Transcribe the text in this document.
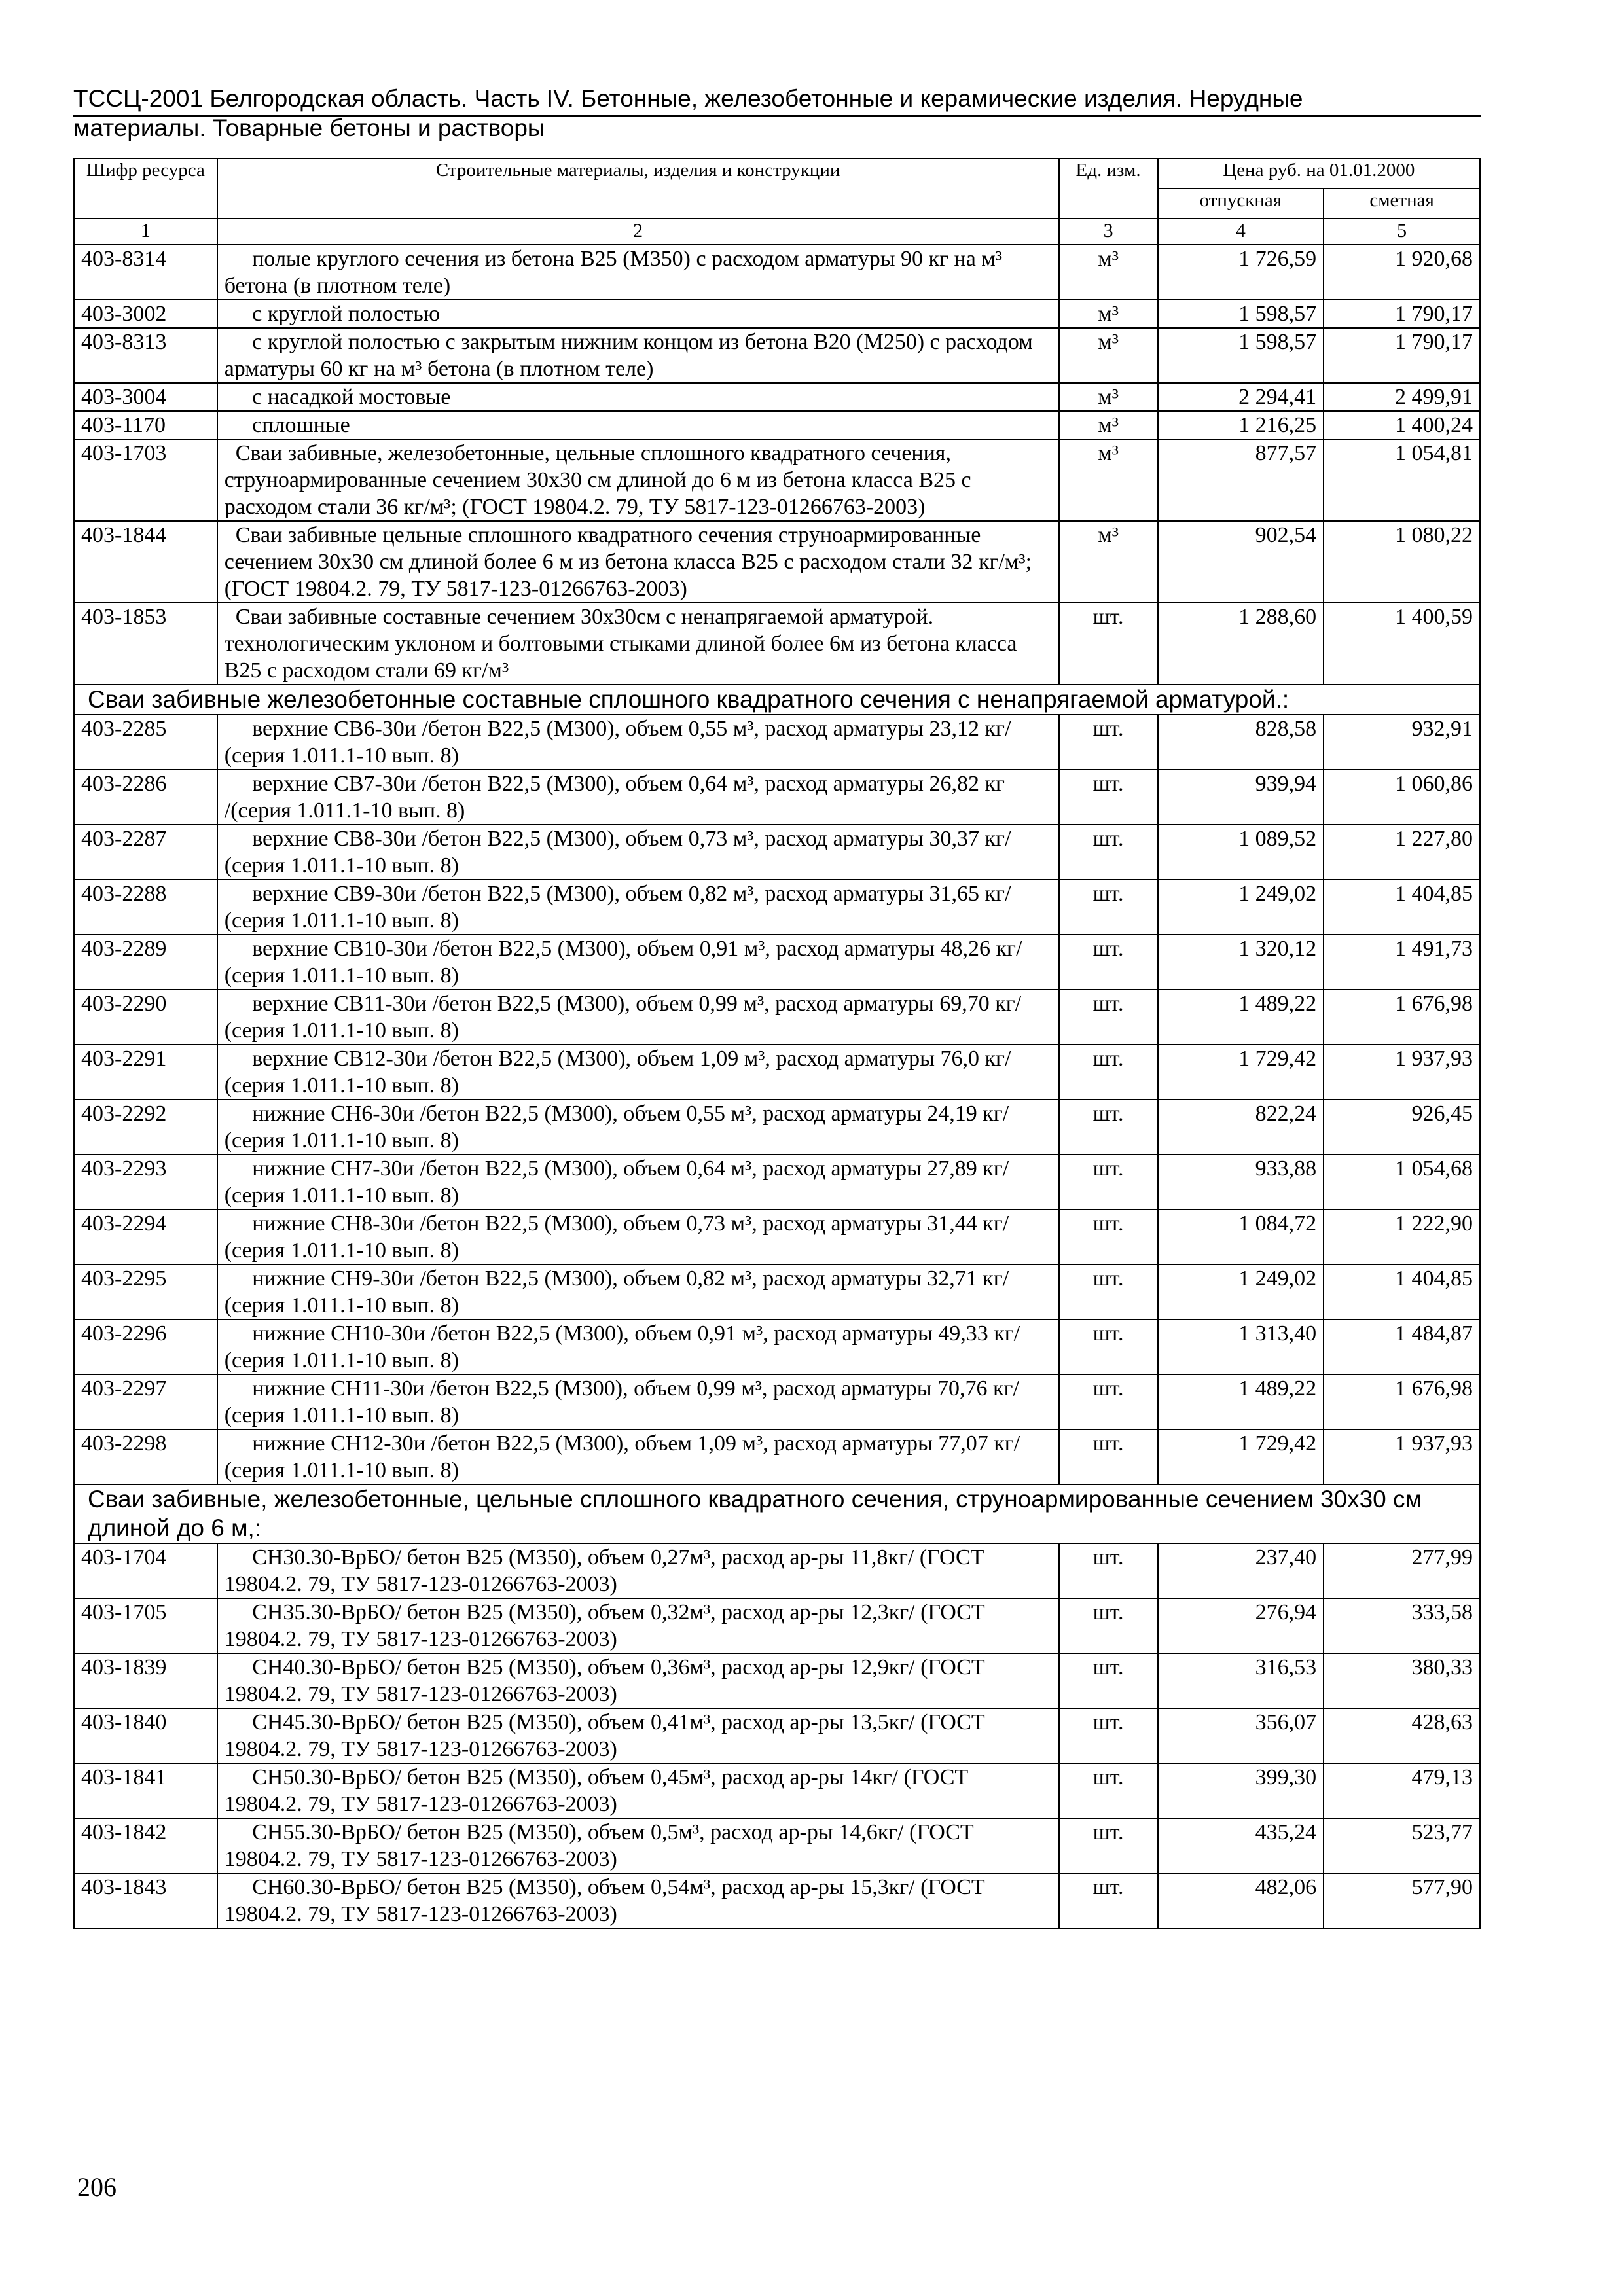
ТССЦ-2001 Белгородская область. Часть IV. Бетонные, железобетонные и керамические изделия. Нерудные
материалы. Товарные бетоны и растворы
Шифр ресурса	Строительные материалы, изделия и конструкции	Ед. изм.	Цена руб. на 01.01.2000	
			отпускная	сметная
1	2	3	4	5
403-8314	полые круглого сечения из бетона В25 (М350) с расходом арматуры 90 кг на м³ бетона (в плотном теле)	м³	1 726,59	1 920,68
403-3002	с круглой полостью	м³	1 598,57	1 790,17
403-8313	с круглой полостью с закрытым нижним концом из бетона В20 (М250) с расходом арматуры 60 кг на м³ бетона (в плотном теле)	м³	1 598,57	1 790,17
403-3004	с насадкой мостовые	м³	2 294,41	2 499,91
403-1170	сплошные	м³	1 216,25	1 400,24
403-1703	Сваи забивные, железобетонные, цельные сплошного квадратного сечения, струноармированные сечением 30х30 см длиной до 6 м из бетона класса В25 с расходом стали 36 кг/м³; (ГОСТ 19804.2. 79, ТУ 5817-123-01266763-2003)	м³	877,57	1 054,81
403-1844	Сваи забивные цельные сплошного квадратного сечения струноармированные сечением 30х30 см длиной более 6 м из бетона класса В25 с расходом стали 32 кг/м³; (ГОСТ 19804.2. 79, ТУ 5817-123-01266763-2003)	м³	902,54	1 080,22
403-1853	Сваи забивные составные сечением 30х30см с ненапрягаемой арматурой. технологическим уклоном и болтовыми стыками длиной более 6м из бетона класса В25 с расходом стали 69 кг/м³	шт.	1 288,60	1 400,59
Сваи забивные железобетонные составные сплошного квадратного сечения с ненапрягаемой арматурой.:				
403-2285	верхние СВ6-30и /бетон В22,5 (М300), объем 0,55 м³, расход арматуры 23,12 кг/ (серия 1.011.1-10 вып. 8)	шт.	828,58	932,91
403-2286	верхние СВ7-30и /бетон В22,5 (М300), объем 0,64 м³, расход арматуры 26,82 кг /(серия 1.011.1-10 вып. 8)	шт.	939,94	1 060,86
403-2287	верхние СВ8-30и /бетон В22,5 (М300), объем 0,73 м³, расход арматуры 30,37 кг/ (серия 1.011.1-10 вып. 8)	шт.	1 089,52	1 227,80
403-2288	верхние СВ9-30и /бетон В22,5 (М300), объем 0,82 м³, расход арматуры 31,65 кг/ (серия 1.011.1-10 вып. 8)	шт.	1 249,02	1 404,85
403-2289	верхние СВ10-30и /бетон В22,5 (М300), объем 0,91 м³, расход арматуры 48,26 кг/ (серия 1.011.1-10 вып. 8)	шт.	1 320,12	1 491,73
403-2290	верхние СВ11-30и /бетон В22,5 (М300), объем 0,99 м³, расход арматуры 69,70 кг/ (серия 1.011.1-10 вып. 8)	шт.	1 489,22	1 676,98
403-2291	верхние СВ12-30и /бетон В22,5 (М300), объем 1,09 м³, расход арматуры 76,0 кг/ (серия 1.011.1-10 вып. 8)	шт.	1 729,42	1 937,93
403-2292	нижние СН6-30и /бетон В22,5 (М300), объем 0,55 м³, расход арматуры 24,19 кг/ (серия 1.011.1-10 вып. 8)	шт.	822,24	926,45
403-2293	нижние СН7-30и /бетон В22,5 (М300), объем 0,64 м³, расход арматуры 27,89 кг/ (серия 1.011.1-10 вып. 8)	шт.	933,88	1 054,68
403-2294	нижние СН8-30и /бетон В22,5 (М300), объем 0,73 м³, расход арматуры 31,44 кг/ (серия 1.011.1-10 вып. 8)	шт.	1 084,72	1 222,90
403-2295	нижние СН9-30и /бетон В22,5 (М300), объем 0,82 м³, расход арматуры 32,71 кг/ (серия 1.011.1-10 вып. 8)	шт.	1 249,02	1 404,85
403-2296	нижние СН10-30и /бетон В22,5 (М300), объем 0,91 м³, расход арматуры 49,33 кг/ (серия 1.011.1-10 вып. 8)	шт.	1 313,40	1 484,87
403-2297	нижние СН11-30и /бетон В22,5 (М300), объем 0,99 м³, расход арматуры 70,76 кг/ (серия 1.011.1-10 вып. 8)	шт.	1 489,22	1 676,98
403-2298	нижние СН12-30и /бетон В22,5 (М300), объем 1,09 м³, расход арматуры 77,07 кг/ (серия 1.011.1-10 вып. 8)	шт.	1 729,42	1 937,93
Сваи забивные, железобетонные, цельные сплошного квадратного сечения, струноармированные сечением 30х30 см длиной до 6 м,:				
403-1704	СН30.30-ВрБО/ бетон В25 (М350), объем 0,27м³, расход ар-ры 11,8кг/ (ГОСТ 19804.2. 79, ТУ 5817-123-01266763-2003)	шт.	237,40	277,99
403-1705	СН35.30-ВрБО/ бетон В25 (М350), объем 0,32м³, расход ар-ры 12,3кг/ (ГОСТ 19804.2. 79, ТУ 5817-123-01266763-2003)	шт.	276,94	333,58
403-1839	СН40.30-ВрБО/ бетон В25 (М350), объем 0,36м³, расход ар-ры 12,9кг/ (ГОСТ 19804.2. 79, ТУ 5817-123-01266763-2003)	шт.	316,53	380,33
403-1840	СН45.30-ВрБО/ бетон В25 (М350), объем 0,41м³, расход ар-ры 13,5кг/ (ГОСТ 19804.2. 79, ТУ 5817-123-01266763-2003)	шт.	356,07	428,63
403-1841	СН50.30-ВрБО/ бетон В25 (М350), объем 0,45м³, расход ар-ры 14кг/ (ГОСТ 19804.2. 79, ТУ 5817-123-01266763-2003)	шт.	399,30	479,13
403-1842	СН55.30-ВрБО/ бетон В25 (М350), объем 0,5м³, расход ар-ры 14,6кг/ (ГОСТ 19804.2. 79, ТУ 5817-123-01266763-2003)	шт.	435,24	523,77
403-1843	СН60.30-ВрБО/ бетон В25 (М350), объем 0,54м³, расход ар-ры 15,3кг/ (ГОСТ 19804.2. 79, ТУ 5817-123-01266763-2003)	шт.	482,06	577,90
206
